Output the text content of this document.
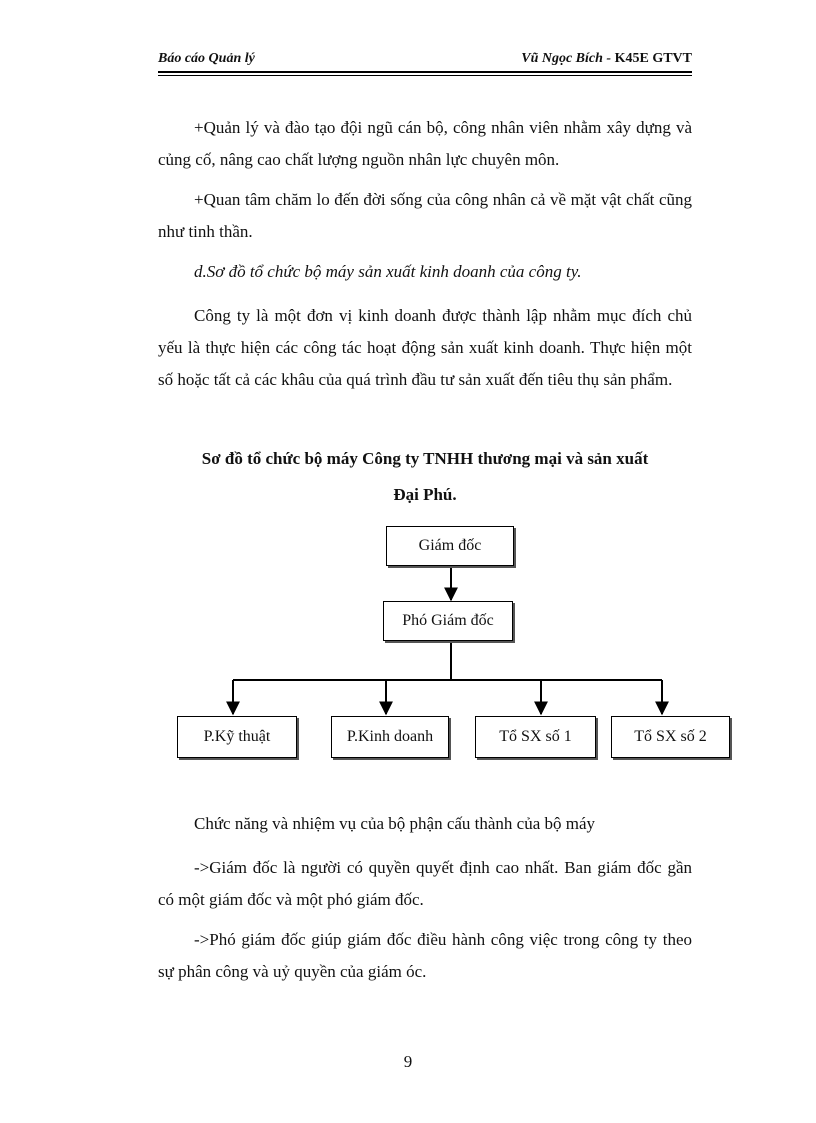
Báo cáo Quản lý	Vũ Ngọc Bích - K45E GTVT
+Quản lý và đào tạo đội ngũ cán bộ, công nhân viên nhằm xây dựng và củng cố, nâng cao chất lượng nguồn nhân lực chuyên môn.
+Quan tâm chăm lo đến đời sống của công nhân cả về mặt vật chất cũng như tinh thần.
d.Sơ đồ tổ chức bộ máy sản xuất kinh doanh của công ty.
Công ty là một đơn vị kinh doanh được thành lập nhằm mục đích chủ yếu là thực hiện các công tác hoạt động sản xuất kinh doanh. Thực hiện một số hoặc tất cả các khâu của quá trình đầu tư sản xuất đến tiêu thụ sản phẩm.
Sơ đồ tổ chức bộ máy Công ty TNHH thương mại và sản xuất
Đại Phú.
Giám đốc
Phó Giám đốc
P.Kỹ thuật	P.Kinh doanh	Tổ SX số 1	Tổ SX số 2
Chức năng và nhiệm vụ của bộ phận cấu thành của bộ máy
->Giám đốc là người có quyền quyết định cao nhất. Ban giám đốc gần có một giám đốc và một phó giám đốc.
->Phó giám đốc giúp giám đốc điều hành công việc trong công ty theo sự phân công và uỷ quyền của giám óc.
9
